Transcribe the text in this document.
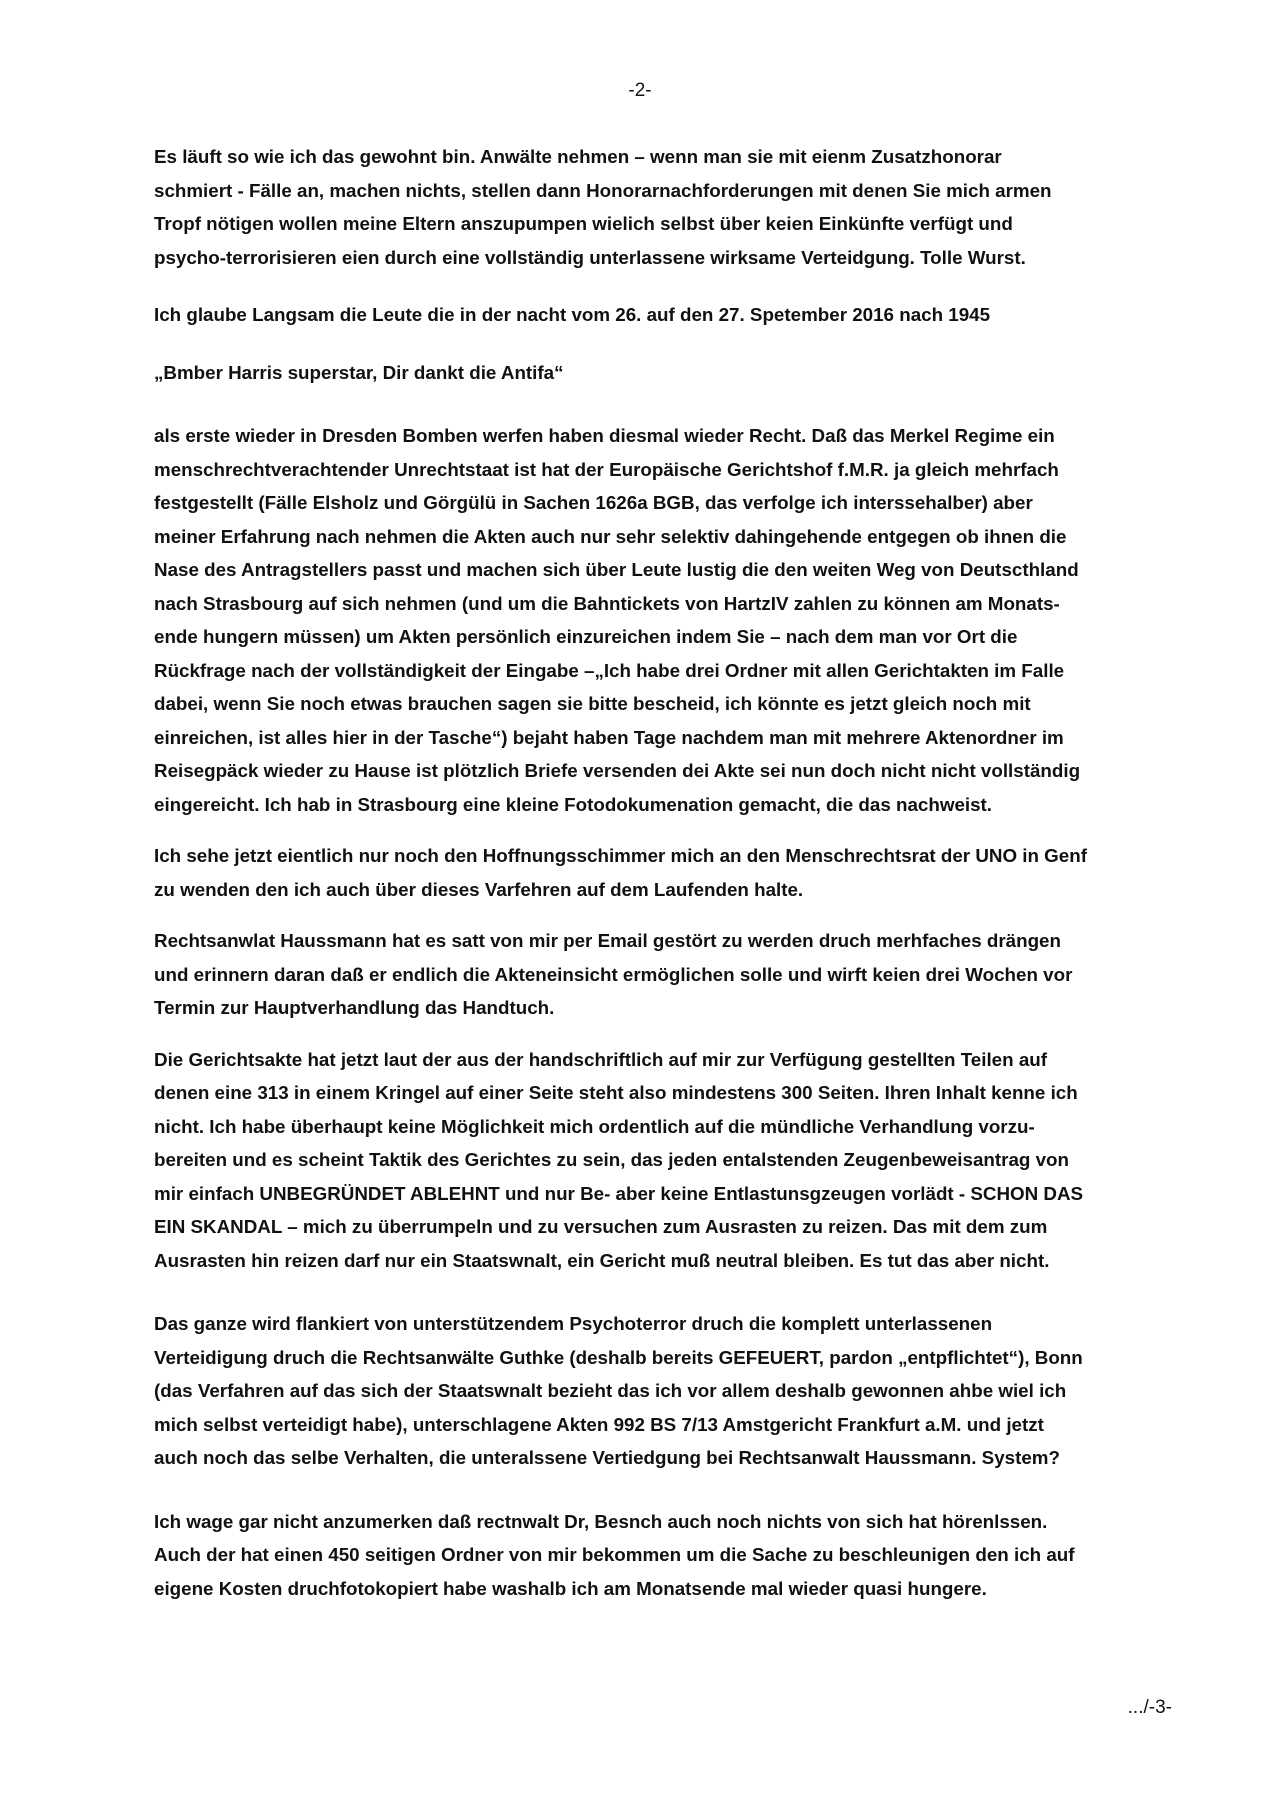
-2-
Es läuft so wie ich das gewohnt bin. Anwälte nehmen – wenn man sie mit eienm Zusatzhonorar
schmiert - Fälle an, machen nichts, stellen dann Honorarnachforderungen mit denen Sie mich armen
Tropf nötigen wollen meine Eltern anszupumpen wielich selbst über keien Einkünfte verfügt und
psycho-terrorisieren eien durch eine vollständig unterlassene wirksame Verteidgung. Tolle Wurst.
Ich glaube Langsam die Leute die in der nacht vom 26. auf den 27. Spetember 2016 nach 1945
„Bmber Harris superstar, Dir dankt die Antifa“
als erste wieder in Dresden Bomben werfen haben diesmal wieder Recht. Daß das Merkel Regime ein
menschrechtverachtender Unrechtstaat ist hat der Europäische Gerichtshof f.M.R. ja gleich mehrfach
festgestellt (Fälle Elsholz und Görgülü in Sachen 1626a BGB, das verfolge ich interssehalber) aber
meiner Erfahrung nach nehmen die Akten auch nur sehr selektiv dahingehende entgegen ob ihnen die
Nase des Antragstellers passt und machen sich über Leute lustig die den weiten Weg von Deutscthland
nach Strasbourg auf sich nehmen (und um die Bahntickets von HartzIV zahlen zu können am Monats-
ende hungern müssen) um Akten persönlich einzureichen indem Sie – nach dem man vor Ort die
Rückfrage nach der vollständigkeit der Eingabe –„Ich habe drei Ordner mit allen Gerichtakten im Falle
dabei, wenn Sie noch etwas brauchen sagen sie bitte bescheid, ich könnte es jetzt gleich noch mit
einreichen, ist alles hier in der Tasche“) bejaht haben Tage nachdem man mit mehrere Aktenordner im
Reisegpäck wieder zu Hause ist plötzlich Briefe versenden dei Akte sei nun doch nicht nicht vollständig
eingereicht. Ich hab in Strasbourg eine kleine Fotodokumenation gemacht, die das nachweist.
Ich sehe jetzt eientlich nur noch den Hoffnungsschimmer mich an den Menschrechtsrat der UNO in Genf
zu wenden den ich auch über dieses Varfehren auf dem Laufenden halte.
Rechtsanwlat Haussmann hat es satt von mir per Email gestört zu werden druch merhfaches drängen
und erinnern daran daß er endlich die Akteneinsicht ermöglichen solle und wirft keien drei Wochen vor
Termin zur Hauptverhandlung das Handtuch.
Die Gerichtsakte hat jetzt laut der aus der handschriftlich auf mir zur Verfügung gestellten Teilen auf
denen eine 313 in einem Kringel auf einer Seite steht also mindestens 300 Seiten. Ihren Inhalt kenne ich
nicht. Ich habe überhaupt keine Möglichkeit mich ordentlich auf die mündliche Verhandlung vorzu-
bereiten und es scheint Taktik des Gerichtes zu sein, das jeden entalstenden Zeugenbeweisantrag von
mir einfach UNBEGRÜNDET ABLEHNT und nur Be- aber keine Entlastunsgzeugen vorlädt - SCHON DAS
EIN SKANDAL – mich zu überrumpeln und zu versuchen zum Ausrasten zu reizen. Das mit dem zum
Ausrasten hin reizen darf nur ein Staatswnalt, ein Gericht muß neutral bleiben. Es tut das aber nicht.
Das ganze wird flankiert von unterstützendem Psychoterror druch die komplett unterlassenen
Verteidigung druch die Rechtsanwälte Guthke (deshalb bereits GEFEUERT, pardon „entpflichtet“), Bonn
(das Verfahren auf das sich der Staatswnalt bezieht das ich vor allem deshalb gewonnen ahbe wiel ich
mich selbst verteidigt habe), unterschlagene Akten 992 BS 7/13 Amstgericht Frankfurt a.M. und jetzt
auch noch das selbe Verhalten, die unteralssene Vertiedgung bei Rechtsanwalt Haussmann. System?
Ich wage gar nicht anzumerken daß rectnwalt Dr, Besnch auch noch nichts von sich hat hörenlssen.
Auch der hat einen 450 seitigen Ordner von mir bekommen um die Sache zu beschleunigen den ich auf
eigene Kosten druchfotokopiert habe washalb ich am Monatsende mal wieder quasi hungere.
.../-3-
